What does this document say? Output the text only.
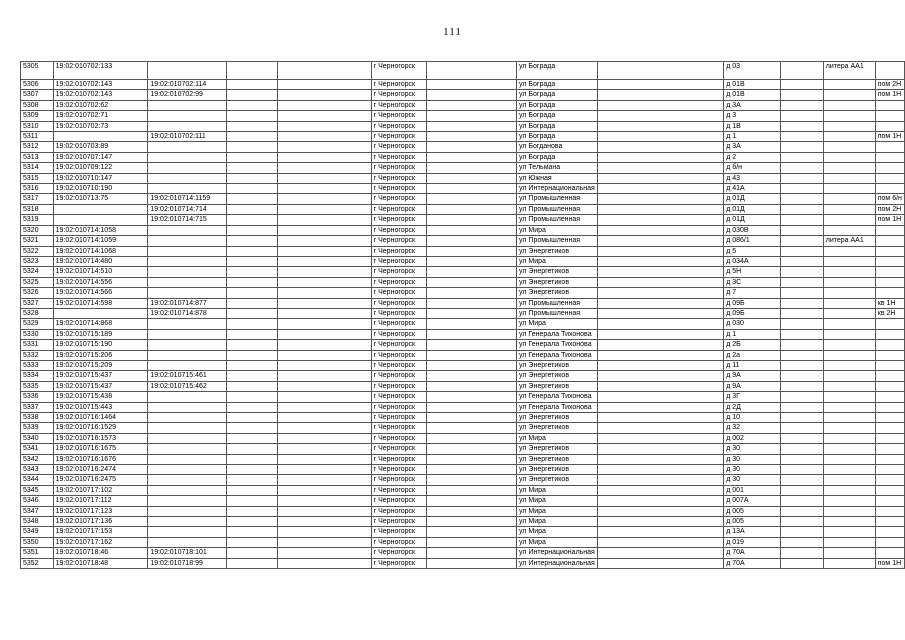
111
5305	19:02:010702:133				г Черногорск		ул Бограда		д 03		литера АА1	
5306	19:02:010702:143	19:02:010702:114			г Черногорск		ул Бограда		д 01В			пом 2Н
5307	19:02:010702:143	19:02:010702:99			г Черногорск		ул Бограда		д 01В			пом 1Н
5308	19:02:010702:62				г Черногорск		ул Бограда		д 3А			
5309	19:02:010702:71				г Черногорск		ул Бограда		д 3			
5310	19:02:010702:73				г Черногорск		ул Бограда		д 1В			
5311		19:02:010702:111			г Черногорск		ул Бограда		д 1			пом 1Н
5312	19:02:010703:89				г Черногорск		ул Богданова		д 3А			
5313	19:02:010707:147				г Черногорск		ул Бограда		д 2			
5314	19:02:010709:122				г Черногорск		ул Тельмана		д б/н			
5315	19:02:010710:147				г Черногорск		ул Южная		д 43			
5316	19:02:010710:190				г Черногорск		ул Интернациональная		д 41А			
5317	19:02:010713:75	19:02:010714:1159			г Черногорск		ул Промышленная		д 01Д			пом 6/н
5318		19:02:010714:714			г Черногорск		ул Промышленная		д 01Д			пом 2Н
5319		19:02:010714:715			г Черногорск		ул Промышленная		д 01Д			пом 1Н
5320	19:02:010714:1058				г Черногорск		ул Мира		д 030В			
5321	19:02:010714:1059				г Черногорск		ул Промышленная		д 086/1		литера АА1	
5322	19:02:010714:1068				г Черногорск		ул Энергетиков		д 5			
5323	19:02:010714:480				г Черногорск		ул Мира		д 034А			
5324	19:02:010714:510				г Черногорск		ул Энергетиков		д 5Н			
5325	19:02:010714:556				г Черногорск		ул Энергетиков		д 3С			
5326	19:02:010714:566				г Черногорск		ул Энергетиков		д 7			
5327	19:02:010714:598	19:02:010714:877			г Черногорск		ул Промышленная		д 09Б			кв 1Н
5328		19:02:010714:878			г Черногорск		ул Промышленная		д 09Б			кв 2Н
5329	19:02:010714:868				г Черногорск		ул Мира		д 030			
5330	19:02:010715:189				г Черногорск		ул Генерала Тихонова		д 1			
5331	19:02:010715:190				г Черногорск		ул Генерала Тихонова		д 2Б			
5332	19:02:010715:206				г Черногорск		ул Генерала Тихонова		д 2а			
5333	19:02:010715:209				г Черногорск		ул Энергетиков		д 11			
5334	19:02:010715:437	19:02:010715:461			г Черногорск		ул Энергетиков		д 9А			
5335	19:02:010715:437	19:02:010715:462			г Черногорск		ул Энергетиков		д 9А			
5336	19:02:010715:438				г Черногорск		ул Генерала Тихонова		д 3Г			
5337	19:02:010715:443				г Черногорск		ул Генерала Тихонова		д 2Д			
5338	19:02:010716:1464				г Черногорск		ул Энергетиков		д 10			
5339	19:02:010716:1529				г Черногорск		ул Энергетиков		д 32			
5340	19:02:010716:1573				г Черногорск		ул Мира		д 002			
5341	19:02:010716:1675				г Черногорск		ул Энергетиков		д 30			
5342	19:02:010716:1676				г Черногорск		ул Энергетиков		д 30			
5343	19:02:010716:2474				г Черногорск		ул Энергетиков		д 30			
5344	19:02:010716:2475				г Черногорск		ул Энергетиков		д 30			
5345	19:02:010717:102				г Черногорск		ул Мира		д 001			
5346	19:02:010717:112				г Черногорск		ул Мира		д 007А			
5347	19:02:010717:123				г Черногорск		ул Мира		д 005			
5348	19:02:010717:136				г Черногорск		ул Мира		д 005			
5349	19:02:010717:153				г Черногорск		ул Мира		д 13А			
5350	19:02:010717:162				г Черногорск		ул Мира		д 019			
5351	19:02:010718:46	19:02:010718:101			г Черногорск		ул Интернациональная		д 70А			
5352	19:02:010718:48	19:02:010718:99			г Черногорск		ул Интернациональная		д 70А			пом 1Н
